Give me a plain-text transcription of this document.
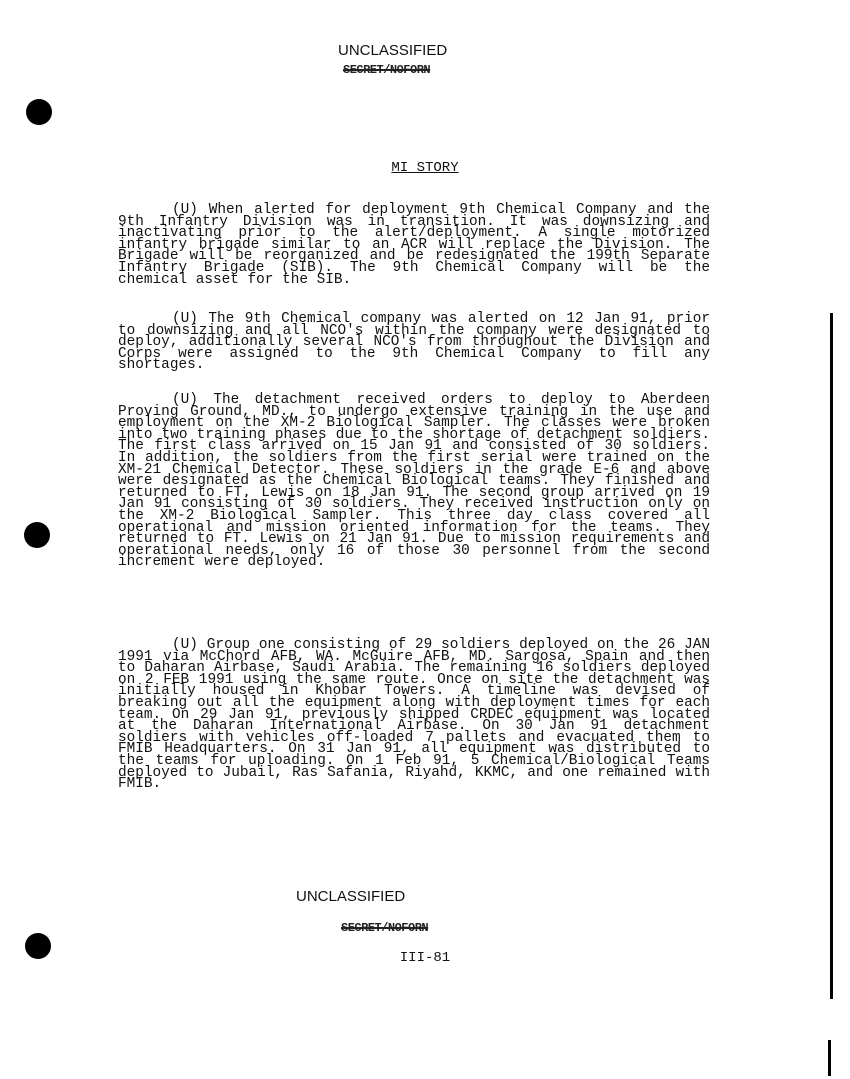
UNCLASSIFIED
SECRET/NOFORN
MI STORY
(U) When alerted for deployment 9th Chemical Company and the 9th Infantry Division was in transition. It was downsizing and inactivating prior to the alert/deployment. A single motorized infantry brigade similar to an ACR will replace the Division. The Brigade will be reorganized and be redesignated the 199th Separate Infantry Brigade (SIB). The 9th Chemical Company will be the chemical asset for the SIB.
(U) The 9th Chemical company was alerted on 12 Jan 91, prior to downsizing and all NCO's within the company were designated to deploy, additionally several NCO's from throughout the Division and Corps were assigned to the 9th Chemical Company to fill any shortages.
(U) The detachment received orders to deploy to Aberdeen Proving Ground, MD., to undergo extensive training in the use and employment on the XM-2 Biological Sampler. The classes were broken into two training phases due to the shortage of detachment soldiers. The first class arrived on 15 Jan 91 and consisted of 30 soldiers. In addition, the soldiers from the first serial were trained on the XM-21 Chemical Detector. These soldiers in the grade E-6 and above were designated as the Chemical Biological teams. They finished and returned to FT. Lewis on 18 Jan 91. The second group arrived on 19 Jan 91 consisting of 30 soldiers. They received instruction only on the XM-2 Biological Sampler. This three day class covered all operational and mission oriented information for the teams. They returned to FT. Lewis on 21 Jan 91. Due to mission requirements and operational needs, only 16 of those 30 personnel from the second increment were deployed.
(U) Group one consisting of 29 soldiers deployed on the 26 JAN 1991 via McChord AFB, WA. McGuire AFB, MD. Sargosa, Spain and then to Daharan Airbase, Saudi Arabia. The remaining 16 soldiers deployed on 2 FEB 1991 using the same route. Once on site the detachment was initially housed in Khobar Towers. A timeline was devised of breaking out all the equipment along with deployment times for each team. On 29 Jan 91, previously shipped CRDEC equipment was located at the Daharan International Airbase. On 30 Jan 91 detachment soldiers with vehicles off-loaded 7 pallets and evacuated them to FMIB Headquarters. On 31 Jan 91, all equipment was distributed to the teams for uploading. On 1 Feb 91, 5 Chemical/Biological Teams deployed to Jubail, Ras Safania, Riyahd, KKMC, and one remained with FMIB.
UNCLASSIFIED
SECRET/NOFORN
III-81
